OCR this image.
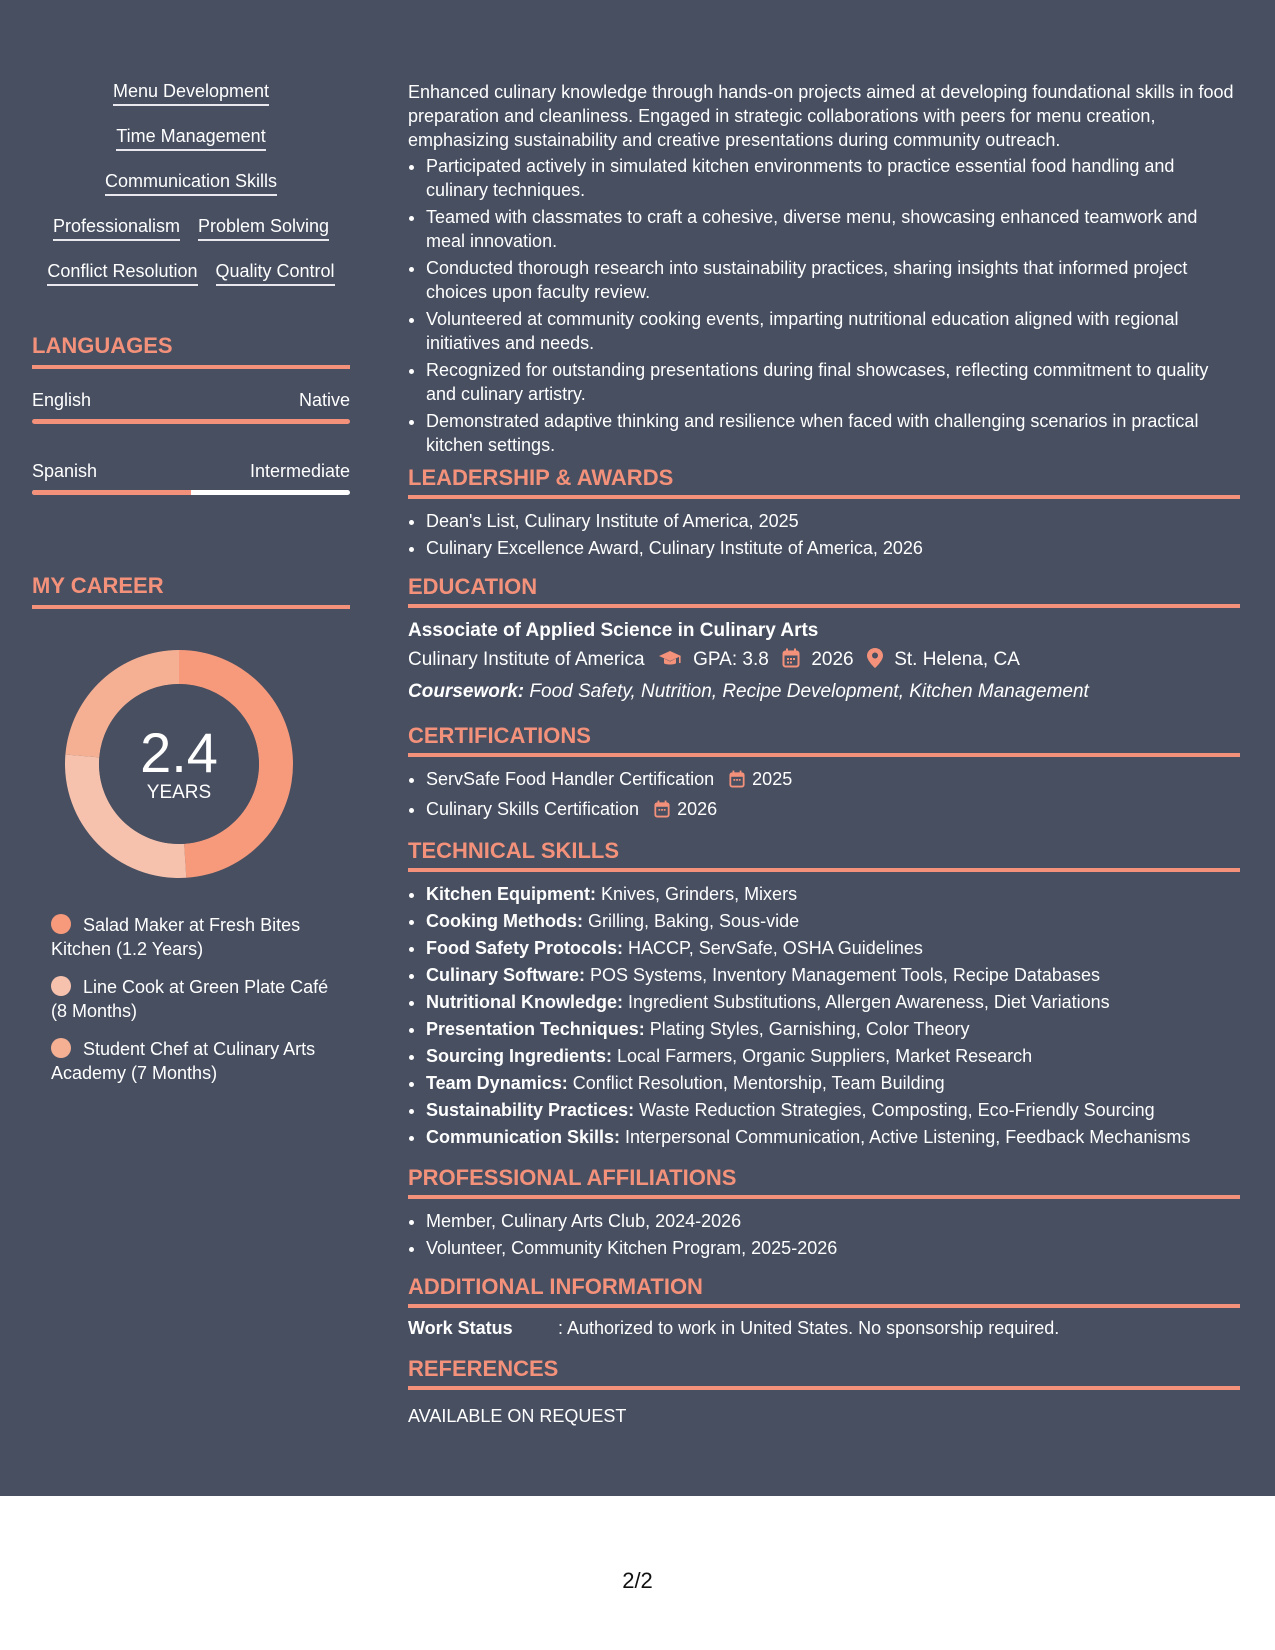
Menu Development
Time Management
Communication Skills
Professionalism Problem Solving
Conflict Resolution Quality Control
LANGUAGES
English	Native
Spanish	Intermediate
MY CAREER
2.4
YEARS
Salad Maker at Fresh Bites Kitchen (1.2 Years)
Line Cook at Green Plate Café (8 Months)
Student Chef at Culinary Arts Academy (7 Months)
Enhanced culinary knowledge through hands-on projects aimed at developing foundational skills in food preparation and cleanliness. Engaged in strategic collaborations with peers for menu creation, emphasizing sustainability and creative presentations during community outreach.
• Participated actively in simulated kitchen environments to practice essential food handling and culinary techniques.
• Teamed with classmates to craft a cohesive, diverse menu, showcasing enhanced teamwork and meal innovation.
• Conducted thorough research into sustainability practices, sharing insights that informed project choices upon faculty review.
• Volunteered at community cooking events, imparting nutritional education aligned with regional initiatives and needs.
• Recognized for outstanding presentations during final showcases, reflecting commitment to quality and culinary artistry.
• Demonstrated adaptive thinking and resilience when faced with challenging scenarios in practical kitchen settings.
LEADERSHIP & AWARDS
• Dean's List, Culinary Institute of America, 2025
• Culinary Excellence Award, Culinary Institute of America, 2026
EDUCATION
Associate of Applied Science in Culinary Arts
Culinary Institute of America	GPA: 3.8 2026 St. Helena, CA
Coursework: Food Safety, Nutrition, Recipe Development, Kitchen Management
CERTIFICATIONS
• ServSafe Food Handler Certification 2025
• Culinary Skills Certification 2026
TECHNICAL SKILLS
• Kitchen Equipment: Knives, Grinders, Mixers
• Cooking Methods: Grilling, Baking, Sous-vide
• Food Safety Protocols: HACCP, ServSafe, OSHA Guidelines
• Culinary Software: POS Systems, Inventory Management Tools, Recipe Databases
• Nutritional Knowledge: Ingredient Substitutions, Allergen Awareness, Diet Variations
• Presentation Techniques: Plating Styles, Garnishing, Color Theory
• Sourcing Ingredients: Local Farmers, Organic Suppliers, Market Research
• Team Dynamics: Conflict Resolution, Mentorship, Team Building
• Sustainability Practices: Waste Reduction Strategies, Composting, Eco-Friendly Sourcing
• Communication Skills: Interpersonal Communication, Active Listening, Feedback Mechanisms
PROFESSIONAL AFFILIATIONS
• Member, Culinary Arts Club, 2024-2026
• Volunteer, Community Kitchen Program, 2025-2026
ADDITIONAL INFORMATION
Work Status	: Authorized to work in United States. No sponsorship required.
REFERENCES
AVAILABLE ON REQUEST
2/2
